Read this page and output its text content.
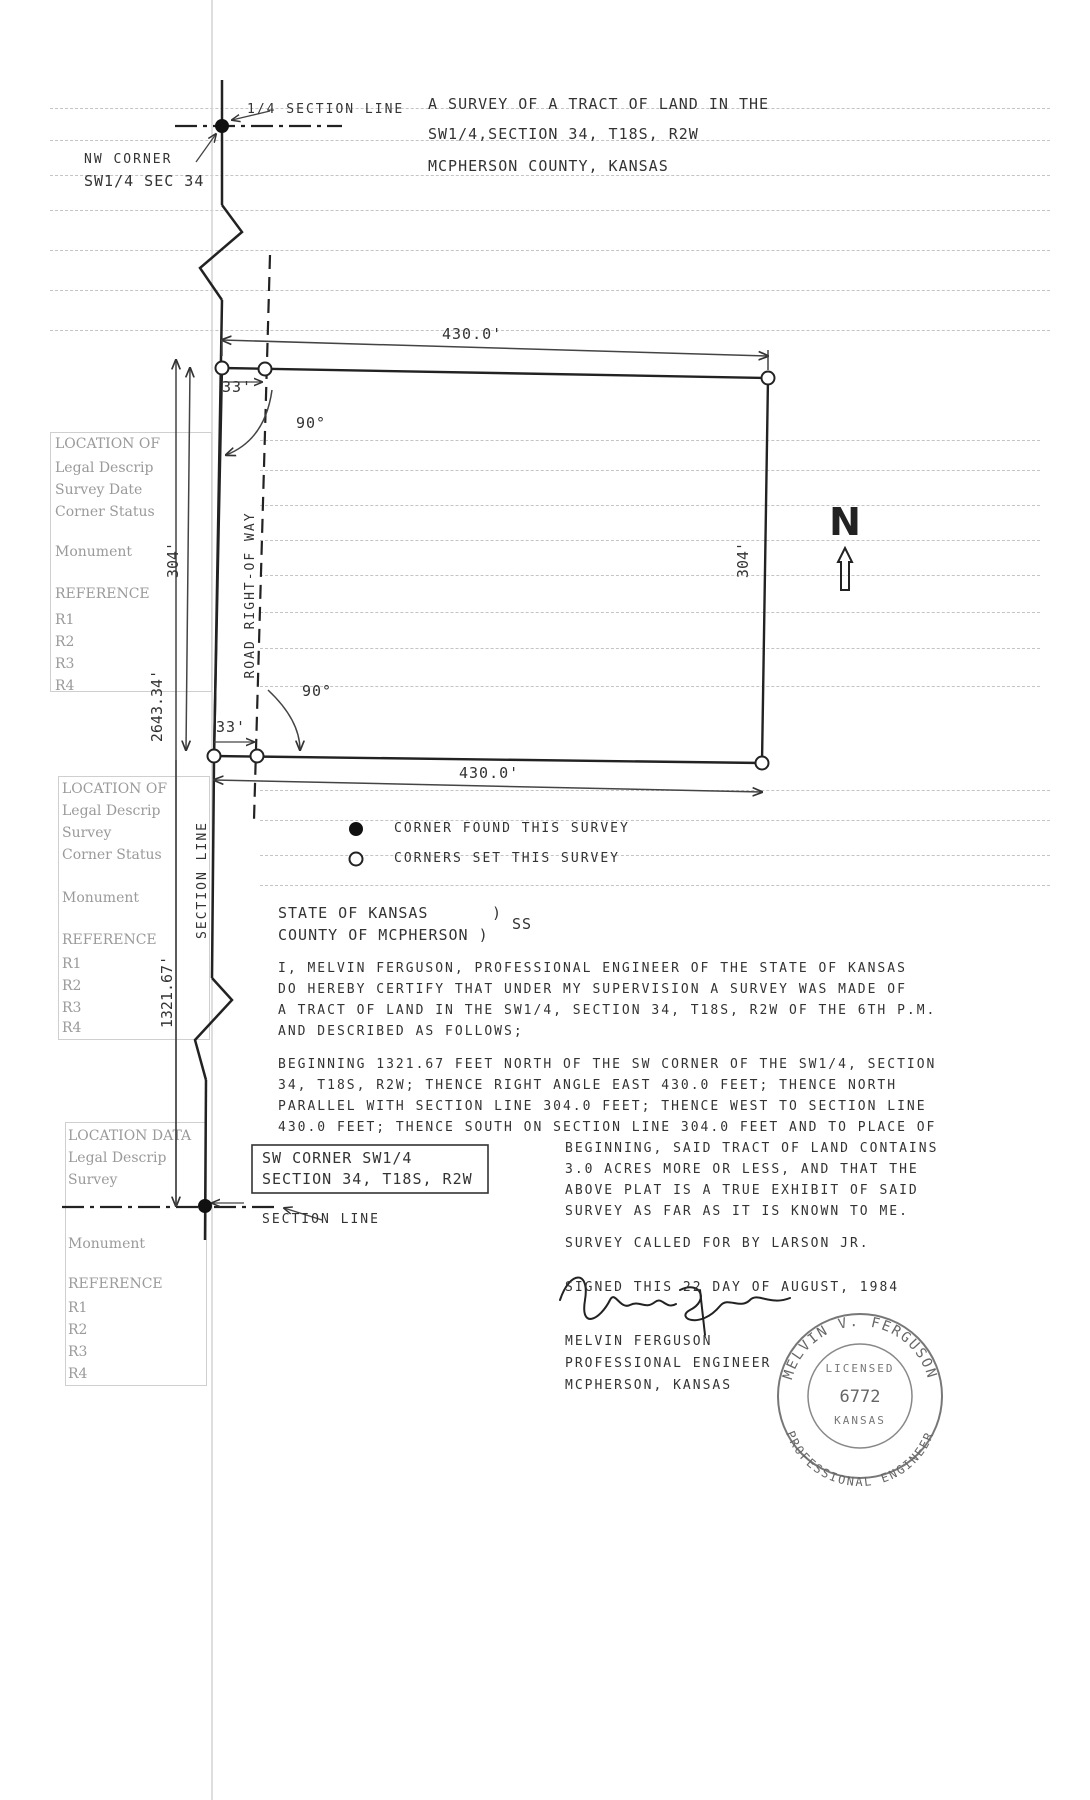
LOCATION OF
Legal Descrip
Survey Date
Corner Status
Monument
REFERENCE
R1
R2
R3
R4
LOCATION OF
Legal Descrip
Survey
Corner Status
Monument
REFERENCE
R1
R2
R3
R4
LOCATION DATA
Legal Descrip
Survey
Monument
REFERENCE
R1
R2
R3
R4
N
304'	304'
ROAD RIGHT-OF WAY
2643.34'
SECTION LINE
1321.67'
MELVIN V. FERGUSON
PROFESSIONAL ENGINEER
LICENSED
6772
KANSAS
A SURVEY OF A TRACT OF LAND IN THE
SW1/4,SECTION 34, T18S, R2W
MCPHERSON COUNTY, KANSAS
1/4 SECTION LINE
NW CORNER
SW1/4 SEC 34
430.0'
430.0'
33'
33'
90°
90°
CORNER FOUND THIS SURVEY
CORNERS SET THIS SURVEY
SW CORNER SW1/4
SECTION 34, T18S, R2W
SECTION LINE
STATE OF KANSAS	)
COUNTY OF MCPHERSON )
SS
I, MELVIN FERGUSON, PROFESSIONAL ENGINEER OF THE STATE OF KANSAS
DO HEREBY CERTIFY THAT UNDER MY SUPERVISION A SURVEY WAS MADE OF
A TRACT OF LAND IN THE SW1/4, SECTION 34, T18S, R2W OF THE 6TH P.M.
AND DESCRIBED AS FOLLOWS;
BEGINNING 1321.67 FEET NORTH OF THE SW CORNER OF THE SW1/4, SECTION
34, T18S, R2W; THENCE RIGHT ANGLE EAST 430.0 FEET; THENCE NORTH
PARALLEL WITH SECTION LINE 304.0 FEET; THENCE WEST TO SECTION LINE
430.0 FEET; THENCE SOUTH ON SECTION LINE 304.0 FEET AND TO PLACE OF
BEGINNING, SAID TRACT OF LAND CONTAINS
3.0 ACRES MORE OR LESS, AND THAT THE
ABOVE PLAT IS A TRUE EXHIBIT OF SAID
SURVEY AS FAR AS IT IS KNOWN TO ME.
SURVEY CALLED FOR BY LARSON JR.
SIGNED THIS 22 DAY OF AUGUST, 1984
MELVIN FERGUSON
PROFESSIONAL ENGINEER
MCPHERSON, KANSAS
